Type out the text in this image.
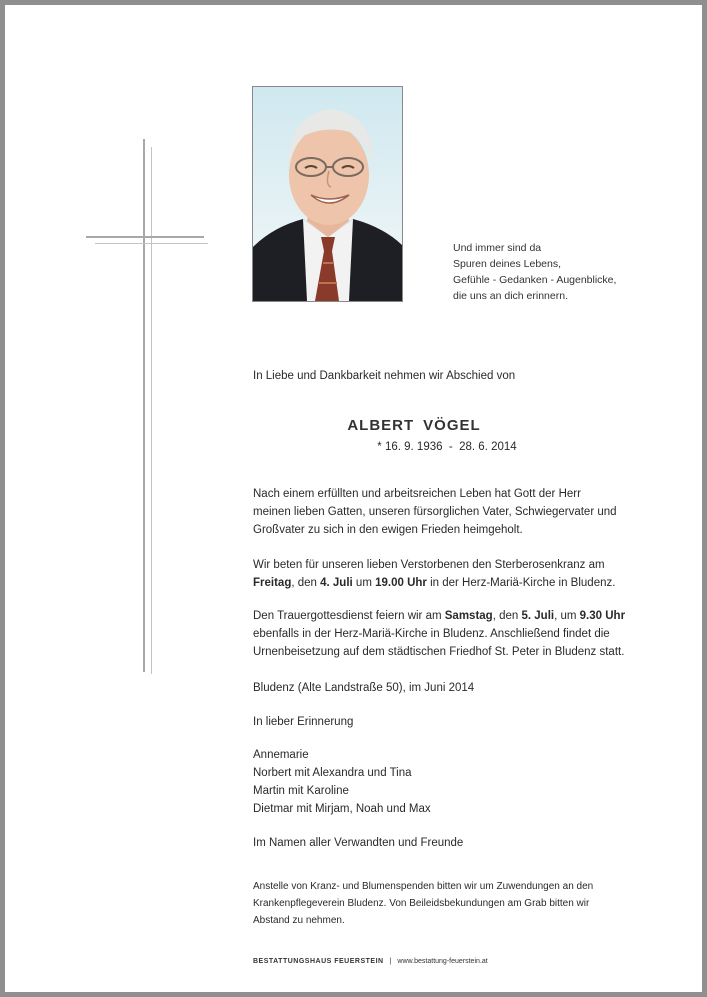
Und immer sind da
Spuren deines Lebens,
Gefühle - Gedanken - Augenblicke,
die uns an dich erinnern.
In Liebe und Dankbarkeit nehmen wir Abschied von
ALBERT VÖGEL
* 16. 9. 1936  -  28. 6. 2014
Nach einem erfüllten und arbeitsreichen Leben hat Gott der Herr
meinen lieben Gatten, unseren fürsorglichen Vater, Schwiegervater und
Großvater zu sich in den ewigen Frieden heimgeholt.
Wir beten für unseren lieben Verstorbenen den Sterberosenkranz am
Freitag, den 4. Juli um 19.00 Uhr in der Herz-Mariä-Kirche in Bludenz.
Den Trauergottesdienst feiern wir am Samstag, den 5. Juli, um 9.30 Uhr
ebenfalls in der Herz-Mariä-Kirche in Bludenz. Anschließend findet die
Urnenbeisetzung auf dem städtischen Friedhof St. Peter in Bludenz statt.
Bludenz (Alte Landstraße 50), im Juni 2014
In lieber Erinnerung
Annemarie
Norbert mit Alexandra und Tina
Martin mit Karoline
Dietmar mit Mirjam, Noah und Max
Im Namen aller Verwandten und Freunde
Anstelle von Kranz- und Blumenspenden bitten wir um Zuwendungen an den
Krankenpflegeverein Bludenz. Von Beileidsbekundungen am Grab bitten wir
Abstand zu nehmen.
BESTATTUNGSHAUS FEUERSTEIN | www.bestattung-feuerstein.at
